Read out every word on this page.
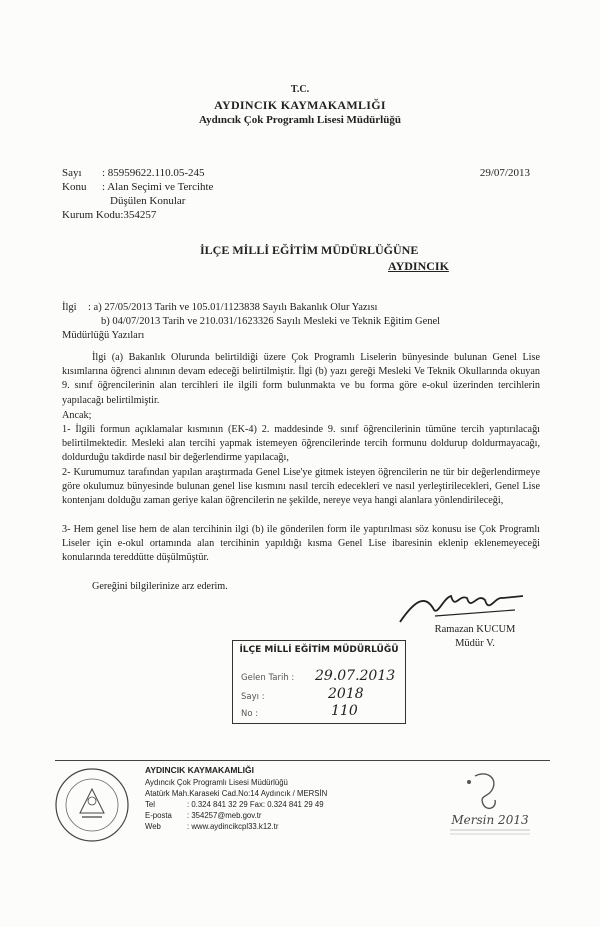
T.C.
AYDINCIK KAYMAKAMLIĞI
Aydıncık Çok Programlı Lisesi Müdürlüğü
Sayı : 85959622.110.05-245	29/07/2013
Konu : Alan Seçimi ve Tercihte
Düşülen Konular
Kurum Kodu:354257
İLÇE MİLLİ EĞİTİM MÜDÜRLÜĞÜNE
AYDINCIK
İlgi : a) 27/05/2013 Tarih ve 105.01/1123838 Sayılı Bakanlık Olur Yazısı
b) 04/07/2013 Tarih ve 210.031/1623326 Sayılı Mesleki ve Teknik Eğitim Genel
Müdürlüğü Yazıları
İlgi (a) Bakanlık Olurunda belirtildiği üzere Çok Programlı Liselerin bünyesinde bulunan Genel Lise kısımlarına öğrenci alınının devam edeceği belirtilmiştir. İlgi (b) yazı gereği Mesleki Ve Teknik Okullarında okuyan 9. sınıf öğrencilerinin alan tercihleri ile ilgili form bulunmakta ve bu forma göre e-okul üzerinden tercihlerin yapılacağı belirtilmiştir.
Ancak;
1- İlgili formun açıklamalar kısmının (EK-4) 2. maddesinde 9. sınıf öğrencilerinin tümüne tercih yaptırılacağı belirtilmektedir. Mesleki alan tercihi yapmak istemeyen öğrencilerinde tercih formunu doldurup doldurmayacağı, doldurduğu takdirde nasıl bir değerlendirme yapılacağı,
2- Kurumumuz tarafından yapılan araştırmada Genel Lise'ye gitmek isteyen öğrencilerin ne tür bir değerlendirmeye göre okulumuz bünyesinde bulunan genel lise kısmını nasıl tercih edecekleri ve nasıl yerleştirilecekleri, Genel Lise kontenjanı dolduğu zaman geriye kalan öğrencilerin ne şekilde, nereye veya hangi alanlara yönlendirileceği,
3- Hem genel lise hem de alan tercihinin ilgi (b) ile gönderilen form ile yaptırılması söz konusu ise Çok Programlı Liseler için e-okul ortamında alan tercihinin yapıldığı kısma Genel Lise ibaresinin eklenip eklenemeyeceği konularında tereddütte düşülmüştür.
Gereğini bilgilerinize arz ederim.
Ramazan KUCUM
Müdür V.
İLÇE MİLLİ EĞİTİM MÜDÜRLÜĞÜ
Gelen Tarih : 29.07.2013
Sayı :	2018
No :	110
AYDINCIK KAYMAKAMLIĞI
Aydıncık Çok Programlı Lisesi Müdürlüğü
Atatürk Mah.Karaseki Cad.No:14 Aydıncık / MERSİN
Tel	: 0.324 841 32 29 Fax: 0.324 841 29 49
E-posta : 354257@meb.gov.tr
Web	: www.aydincikcpl33.k12.tr	Mersin 2013
